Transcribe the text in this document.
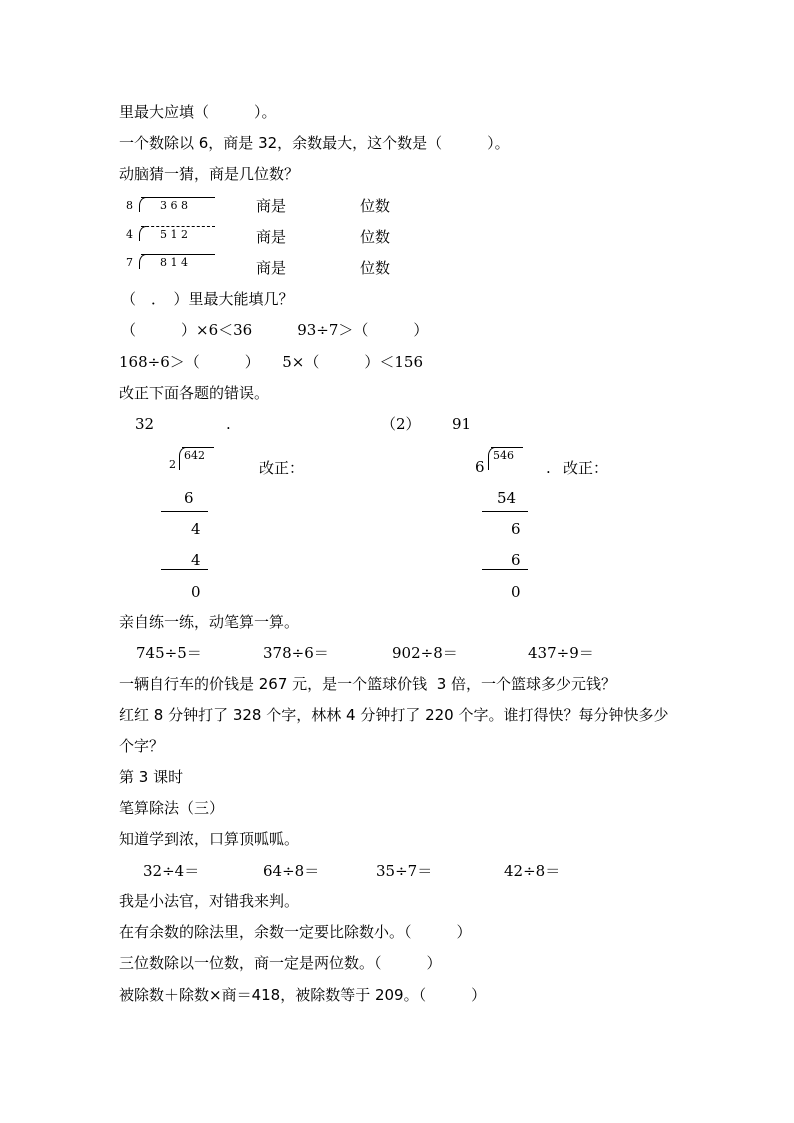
里最大应填（　　　）。
一个数除以 6，商是 32，余数最大，这个数是（　　　）。
动脑猜一猜，商是几位数？
8 3 6 8	商是	位数
4 5 1 2	商是	位数
7 8 1 4	商是	位数
（　．　）里最大能填几？
（　　　）×6＜36　　　93÷7＞（　　　）
168÷6＞（　　　）　　5×（　　　）＜156
改正下面各题的错误。
32	.
2
642
改正：
6
4
4
0
（2） 91
6
546
. 改正：
54
6
6
0
亲自练一练，动笔算一算。
745÷5＝	378÷6＝	902÷8＝	437÷9＝
一辆自行车的价钱是 267 元，是一个篮球价钱  3 倍，一个篮球多少元钱？
红红 8 分钟打了 328 个字，林林 4 分钟打了 220 个字。谁打得快？每分钟快多少
个字？
第 3 课时
笔算除法（三）
知道学到浓，口算顶呱呱。
32÷4＝	64÷8＝	35÷7＝	42÷8＝
我是小法官，对错我来判。
在有余数的除法里，余数一定要比除数小。（　　　）
三位数除以一位数，商一定是两位数。（　　　）
被除数＋除数×商＝418，被除数等于 209。（　　　）
